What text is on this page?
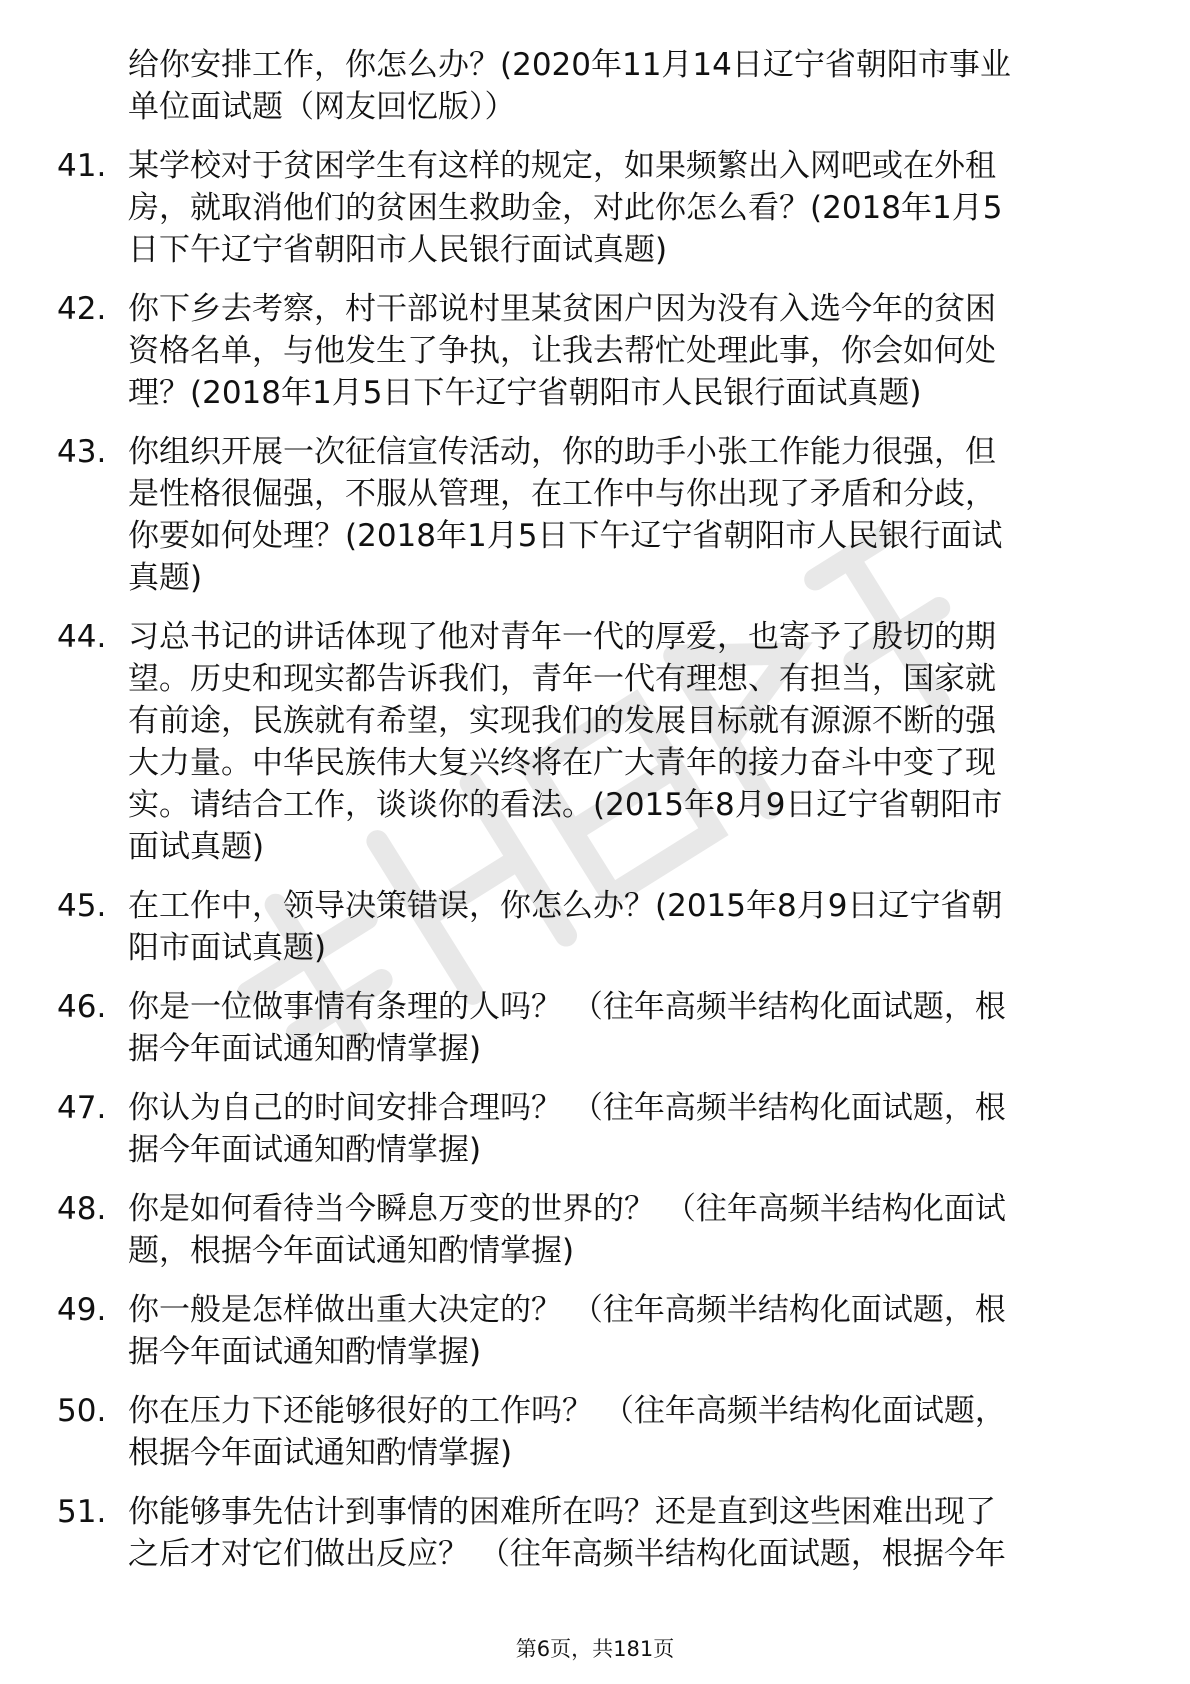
给你安排工作，你怎么办？(2020年11月14日辽宁省朝阳市事业
单位面试题（网友回忆版））
41. 某学校对于贫困学生有这样的规定，如果频繁出入网吧或在外租
房，就取消他们的贫困生救助金，对此你怎么看？(2018年1月5
日下午辽宁省朝阳市人民银行面试真题)
42. 你下乡去考察，村干部说村里某贫困户因为没有入选今年的贫困
资格名单，与他发生了争执，让我去帮忙处理此事，你会如何处
理？(2018年1月5日下午辽宁省朝阳市人民银行面试真题)
43. 你组织开展一次征信宣传活动，你的助手小张工作能力很强，但
是性格很倔强，不服从管理，在工作中与你出现了矛盾和分歧，
你要如何处理？(2018年1月5日下午辽宁省朝阳市人民银行面试
真题)
44. 习总书记的讲话体现了他对青年一代的厚爱，也寄予了殷切的期
望。历史和现实都告诉我们，青年一代有理想、有担当，国家就
有前途，民族就有希望，实现我们的发展目标就有源源不断的强
大力量。中华民族伟大复兴终将在广大青年的接力奋斗中变了现
实。请结合工作，谈谈你的看法。(2015年8月9日辽宁省朝阳市
面试真题)
45. 在工作中，领导决策错误，你怎么办？(2015年8月9日辽宁省朝
阳市面试真题)
46. 你是一位做事情有条理的人吗？ （往年高频半结构化面试题，根
据今年面试通知酌情掌握)
47. 你认为自己的时间安排合理吗？ （往年高频半结构化面试题，根
据今年面试通知酌情掌握)
48. 你是如何看待当今瞬息万变的世界的？ （往年高频半结构化面试
题，根据今年面试通知酌情掌握)
49. 你一般是怎样做出重大决定的？ （往年高频半结构化面试题，根
据今年面试通知酌情掌握)
50. 你在压力下还能够很好的工作吗？ （往年高频半结构化面试题，
根据今年面试通知酌情掌握)
51. 你能够事先估计到事情的困难所在吗？还是直到这些困难出现了
之后才对它们做出反应？ （往年高频半结构化面试题，根据今年
第6页，共181页
